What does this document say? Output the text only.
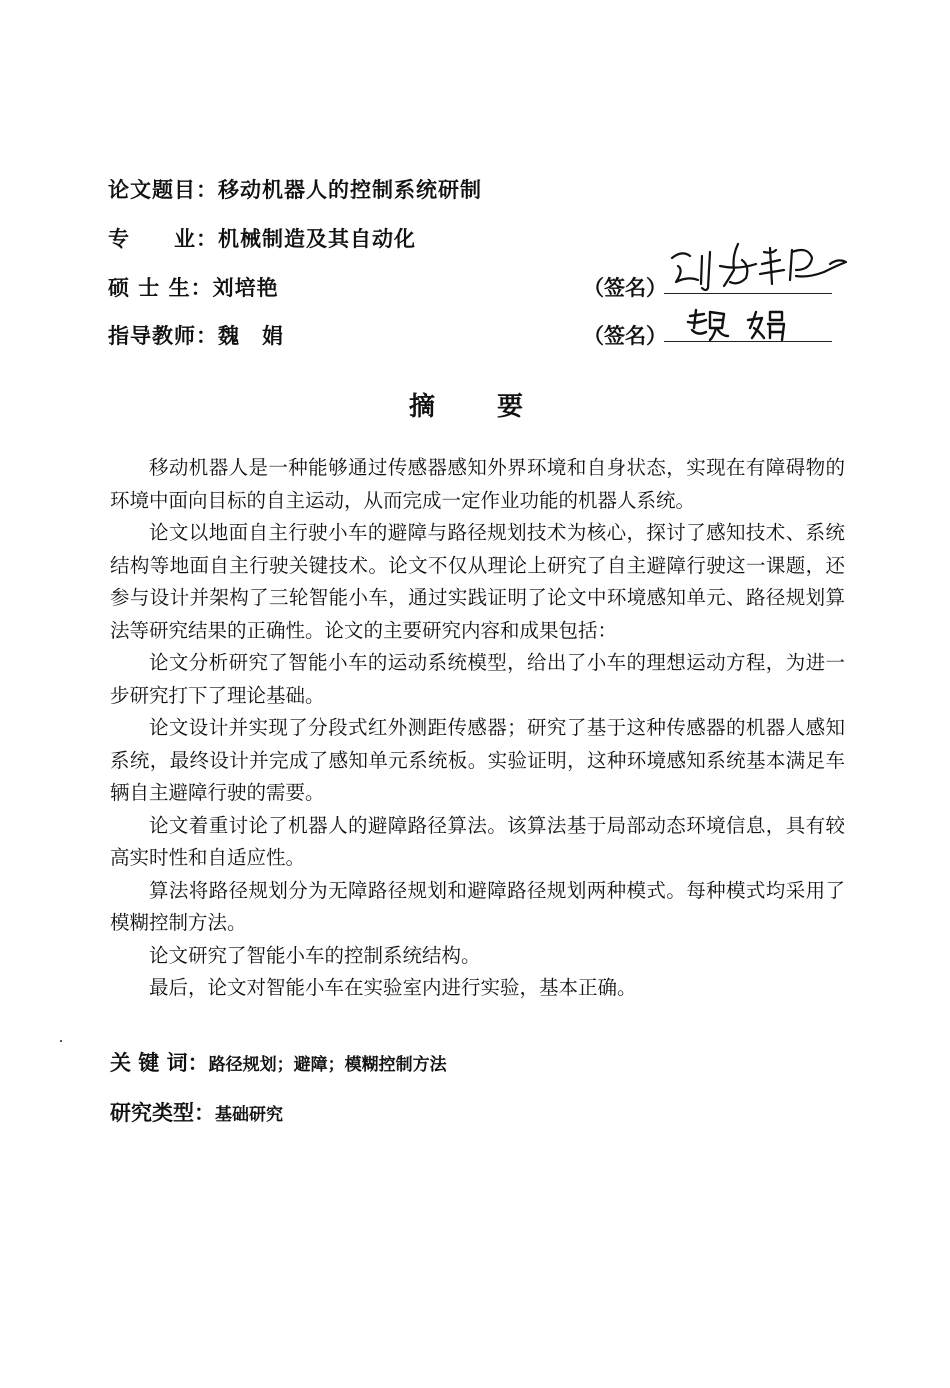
论文题目：移动机器人的控制系统研制
专　　业：机械制造及其自动化
硕 士 生：刘培艳
指导教师：魏　娟
（签名）
（签名）
摘　要

移动机器人是一种能够通过传感器感知外界环境和自身状态，实现在有障碍物的环境中面向目标的自主运动，从而完成一定作业功能的机器人系统。

论文以地面自主行驶小车的避障与路径规划技术为核心，探讨了感知技术、系统结构等地面自主行驶关键技术。论文不仅从理论上研究了自主避障行驶这一课题，还参与设计并架构了三轮智能小车，通过实践证明了论文中环境感知单元、路径规划算法等研究结果的正确性。论文的主要研究内容和成果包括：

论文分析研究了智能小车的运动系统模型，给出了小车的理想运动方程，为进一步研究打下了理论基础。

论文设计并实现了分段式红外测距传感器；研究了基于这种传感器的机器人感知系统，最终设计并完成了感知单元系统板。实验证明，这种环境感知系统基本满足车辆自主避障行驶的需要。

论文着重讨论了机器人的避障路径算法。该算法基于局部动态环境信息，具有较高实时性和自适应性。

算法将路径规划分为无障路径规划和避障路径规划两种模式。每种模式均采用了模糊控制方法。

论文研究了智能小车的控制系统结构。

最后，论文对智能小车在实验室内进行实验，基本正确。

关 键 词：路径规划；避障；模糊控制方法
研究类型：基础研究
